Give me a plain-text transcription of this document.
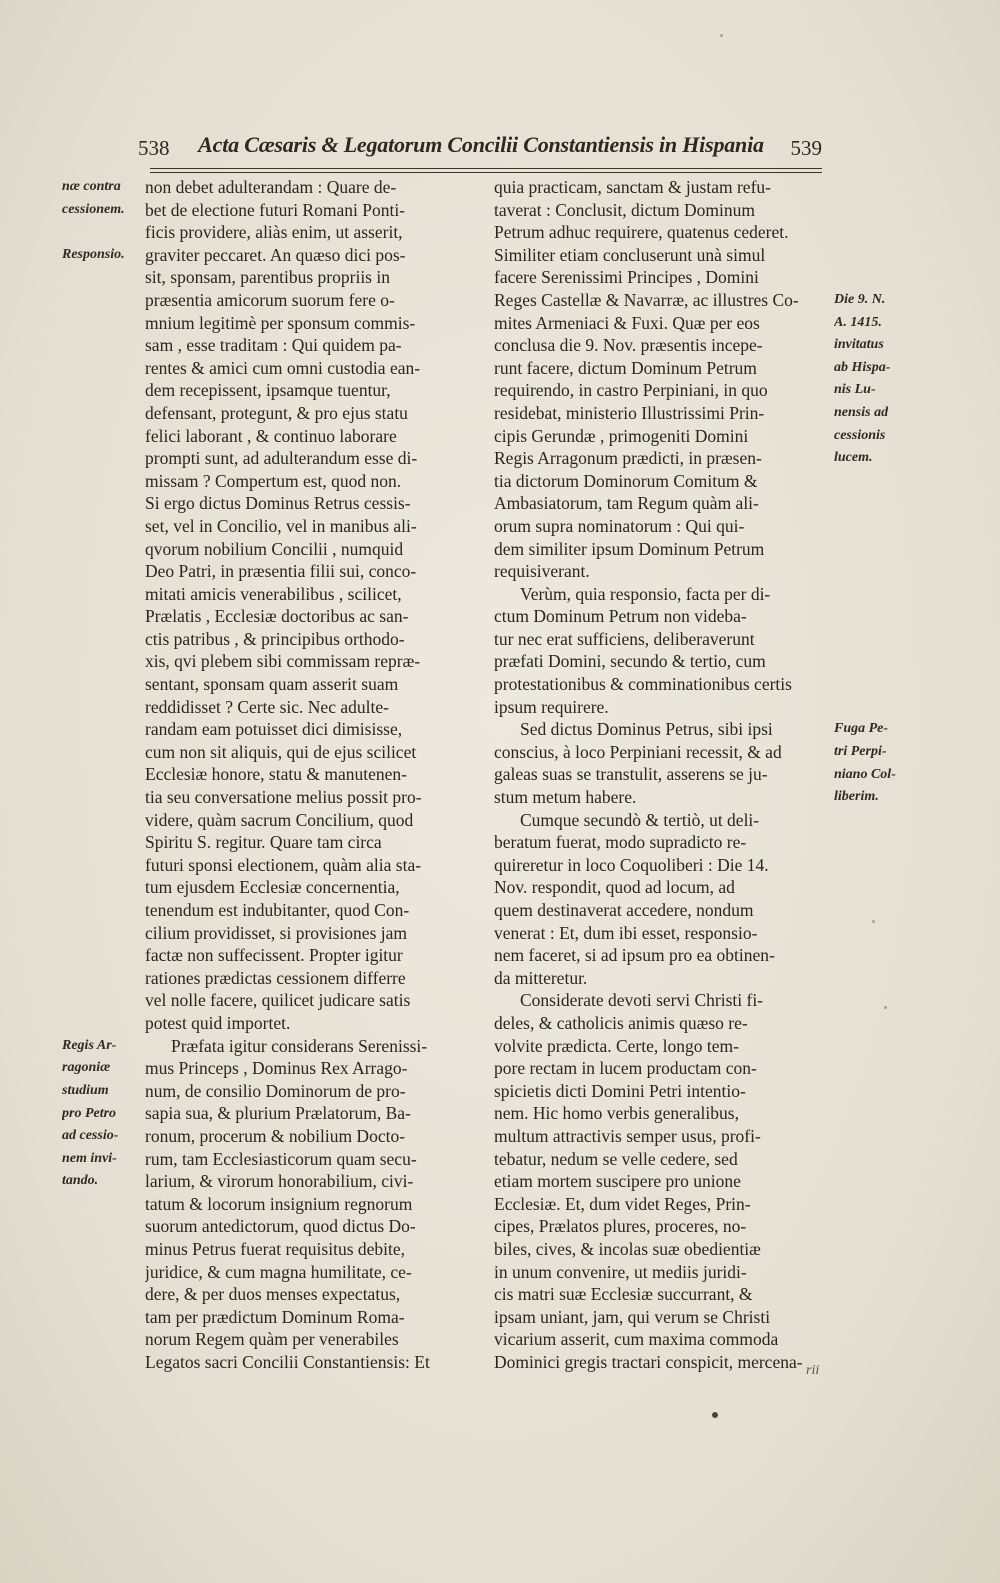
538	Acta Cæsaris & Legatorum Concilii Constantiensis in Hispania	539
næ contra
cessionem.
Responsio.
Regis Ar-
ragoniæ
studium
pro Petro
ad cessio-
nem invi-
tando.
non debet adulterandam : Quare de-
bet de electione futuri Romani Ponti-
ficis providere, aliàs enim, ut asserit,
graviter peccaret. An quæso dici pos-
sit, sponsam, parentibus propriis in
præsentia amicorum suorum fere o-
mnium legitimè per sponsum commis-
sam , esse traditam : Qui quidem pa-
rentes & amici cum omni custodia ean-
dem recepissent, ipsamque tuentur,
defensant, protegunt, & pro ejus statu
felici laborant , & continuo laborare
prompti sunt, ad adulterandum esse di-
missam ? Compertum est, quod non.
Si ergo dictus Dominus Retrus cessis-
set, vel in Concilio, vel in manibus ali-
qvorum nobilium Concilii , numquid
Deo Patri, in præsentia filii sui, conco-
mitati amicis venerabilibus , scilicet,
Prælatis , Ecclesiæ doctoribus ac san-
ctis patribus , & principibus orthodo-
xis, qvi plebem sibi commissam repræ-
sentant, sponsam quam asserit suam
reddidisset ? Certe sic. Nec adulte-
randam eam potuisset dici dimisisse,
cum non sit aliquis, qui de ejus scilicet
Ecclesiæ honore, statu & manutenen-
tia seu conversatione melius possit pro-
videre, quàm sacrum Concilium, quod
Spiritu S. regitur. Quare tam circa
futuri sponsi electionem, quàm alia sta-
tum ejusdem Ecclesiæ concernentia,
tenendum est indubitanter, quod Con-
cilium providisset, si provisiones jam
factæ non suffecissent. Propter igitur
rationes prædictas cessionem differre
vel nolle facere, quilicet judicare satis
potest quid importet.
Præfata igitur considerans Serenissi-
mus Princeps , Dominus Rex Arrago-
num, de consilio Dominorum de pro-
sapia sua, & plurium Prælatorum, Ba-
ronum, procerum & nobilium Docto-
rum, tam Ecclesiasticorum quam secu-
larium, & virorum honorabilium, civi-
tatum & locorum insignium regnorum
suorum antedictorum, quod dictus Do-
minus Petrus fuerat requisitus debite,
juridice, & cum magna humilitate, ce-
dere, & per duos menses expectatus,
tam per prædictum Dominum Roma-
norum Regem quàm per venerabiles
Legatos sacri Concilii Constantiensis: Et
quia practicam, sanctam & justam refu-
taverat : Conclusit, dictum Dominum
Petrum adhuc requirere, quatenus cederet.
Similiter etiam concluserunt unà simul
facere Serenissimi Principes , Domini
Reges Castellæ & Navarræ, ac illustres Co-
mites Armeniaci & Fuxi. Quæ per eos
conclusa die 9. Nov. præsentis incepe-
runt facere, dictum Dominum Petrum
requirendo, in castro Perpiniani, in quo
residebat, ministerio Illustrissimi Prin-
cipis Gerundæ , primogeniti Domini
Regis Arragonum prædicti, in præsen-
tia dictorum Dominorum Comitum &
Ambasiatorum, tam Regum quàm ali-
orum supra nominatorum : Qui qui-
dem similiter ipsum Dominum Petrum
requisiverant.
Verùm, quia responsio, facta per di-
ctum Dominum Petrum non videba-
tur nec erat sufficiens, deliberaverunt
præfati Domini, secundo & tertio, cum
protestationibus & comminationibus certis
ipsum requirere.
Sed dictus Dominus Petrus, sibi ipsi
conscius, à loco Perpiniani recessit, & ad
galeas suas se transtulit, asserens se ju-
stum metum habere.
Cumque secundò & tertiò, ut deli-
beratum fuerat, modo supradicto re-
quireretur in loco Coquoliberi : Die 14.
Nov. respondit, quod ad locum, ad
quem destinaverat accedere, nondum
venerat : Et, dum ibi esset, responsio-
nem faceret, si ad ipsum pro ea obtinen-
da mitteretur.
Considerate devoti servi Christi fi-
deles, & catholicis animis quæso re-
volvite prædicta. Certe, longo tem-
pore rectam in lucem productam con-
spicietis dicti Domini Petri intentio-
nem. Hic homo verbis generalibus,
multum attractivis semper usus, profi-
tebatur, nedum se velle cedere, sed
etiam mortem suscipere pro unione
Ecclesiæ. Et, dum videt Reges, Prin-
cipes, Prælatos plures, proceres, no-
biles, cives, & incolas suæ obedientiæ
in unum convenire, ut mediis juridi-
cis matri suæ Ecclesiæ succurrant, &
ipsam uniant, jam, qui verum se Christi
vicarium asserit, cum maxima commoda
Dominici gregis tractari conspicit, mercena-
Die 9. N.
A. 1415.
invitatus
ab Hispa-
nis Lu-
nensis ad
cessionis
lucem.
Fuga Pe-
tri Perpi-
niano Col-
liberim.
rii
